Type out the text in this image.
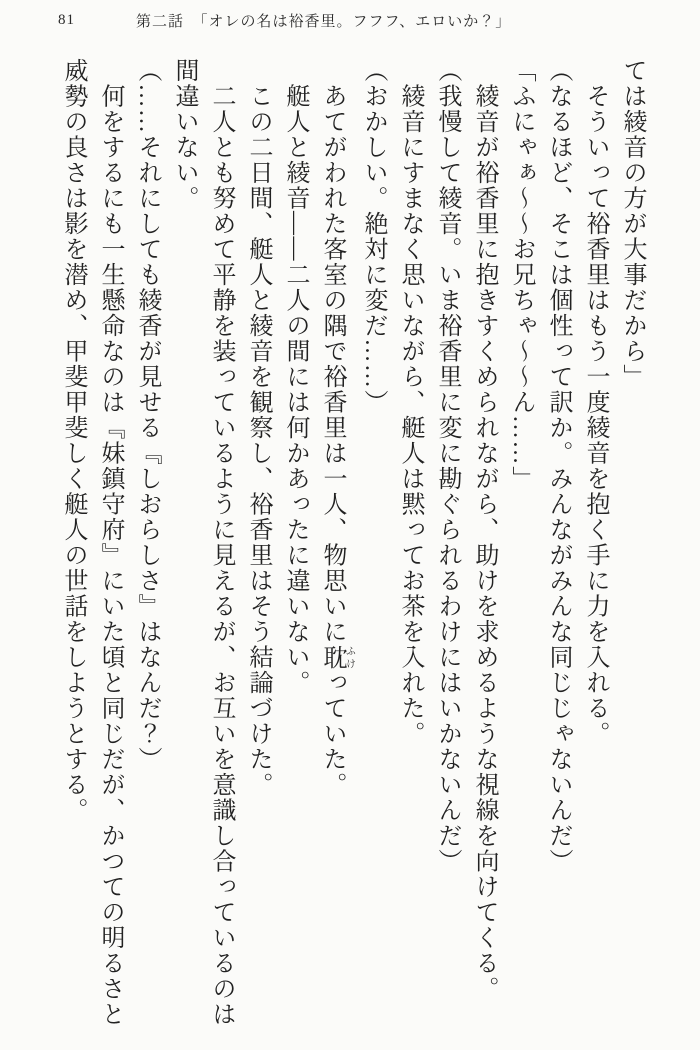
81	第二話　「オレの名は裕香里。フフフ、エロいか？」
ては綾音の方が大事だから」
　そういって裕香里はもう一度綾音を抱く手に力を入れる。
（なるほど、そこは個性って訳か。みんながみんな同じじゃないんだ）
「ふにゃぁ～～お兄ちゃ～～ん……」
　綾音が裕香里に抱きすくめられながら、助けを求めるような視線を向けてくる。
（我慢して綾音。いま裕香里に変に勘ぐられるわけにはいかないんだ）
　綾音にすまなく思いながら、艇人は黙ってお茶を入れた。
（おかしい。絶対に変だ……）
　あてがわれた客室の隅で裕香里は一人、物思いに耽ふけっていた。
　艇人と綾音――二人の間には何かあったに違いない。
　この二日間、艇人と綾音を観察し、裕香里はそう結論づけた。
　二人とも努めて平静を装っているように見えるが、お互いを意識し合っているのは
間違いない。
（……それにしても綾香が見せる『しおらしさ』はなんだ？）
　何をするにも一生懸命なのは『妹鎮守府』にいた頃と同じだが、かつての明るさと
威勢の良さは影を潜め、甲斐甲斐しく艇人の世話をしようとする。
